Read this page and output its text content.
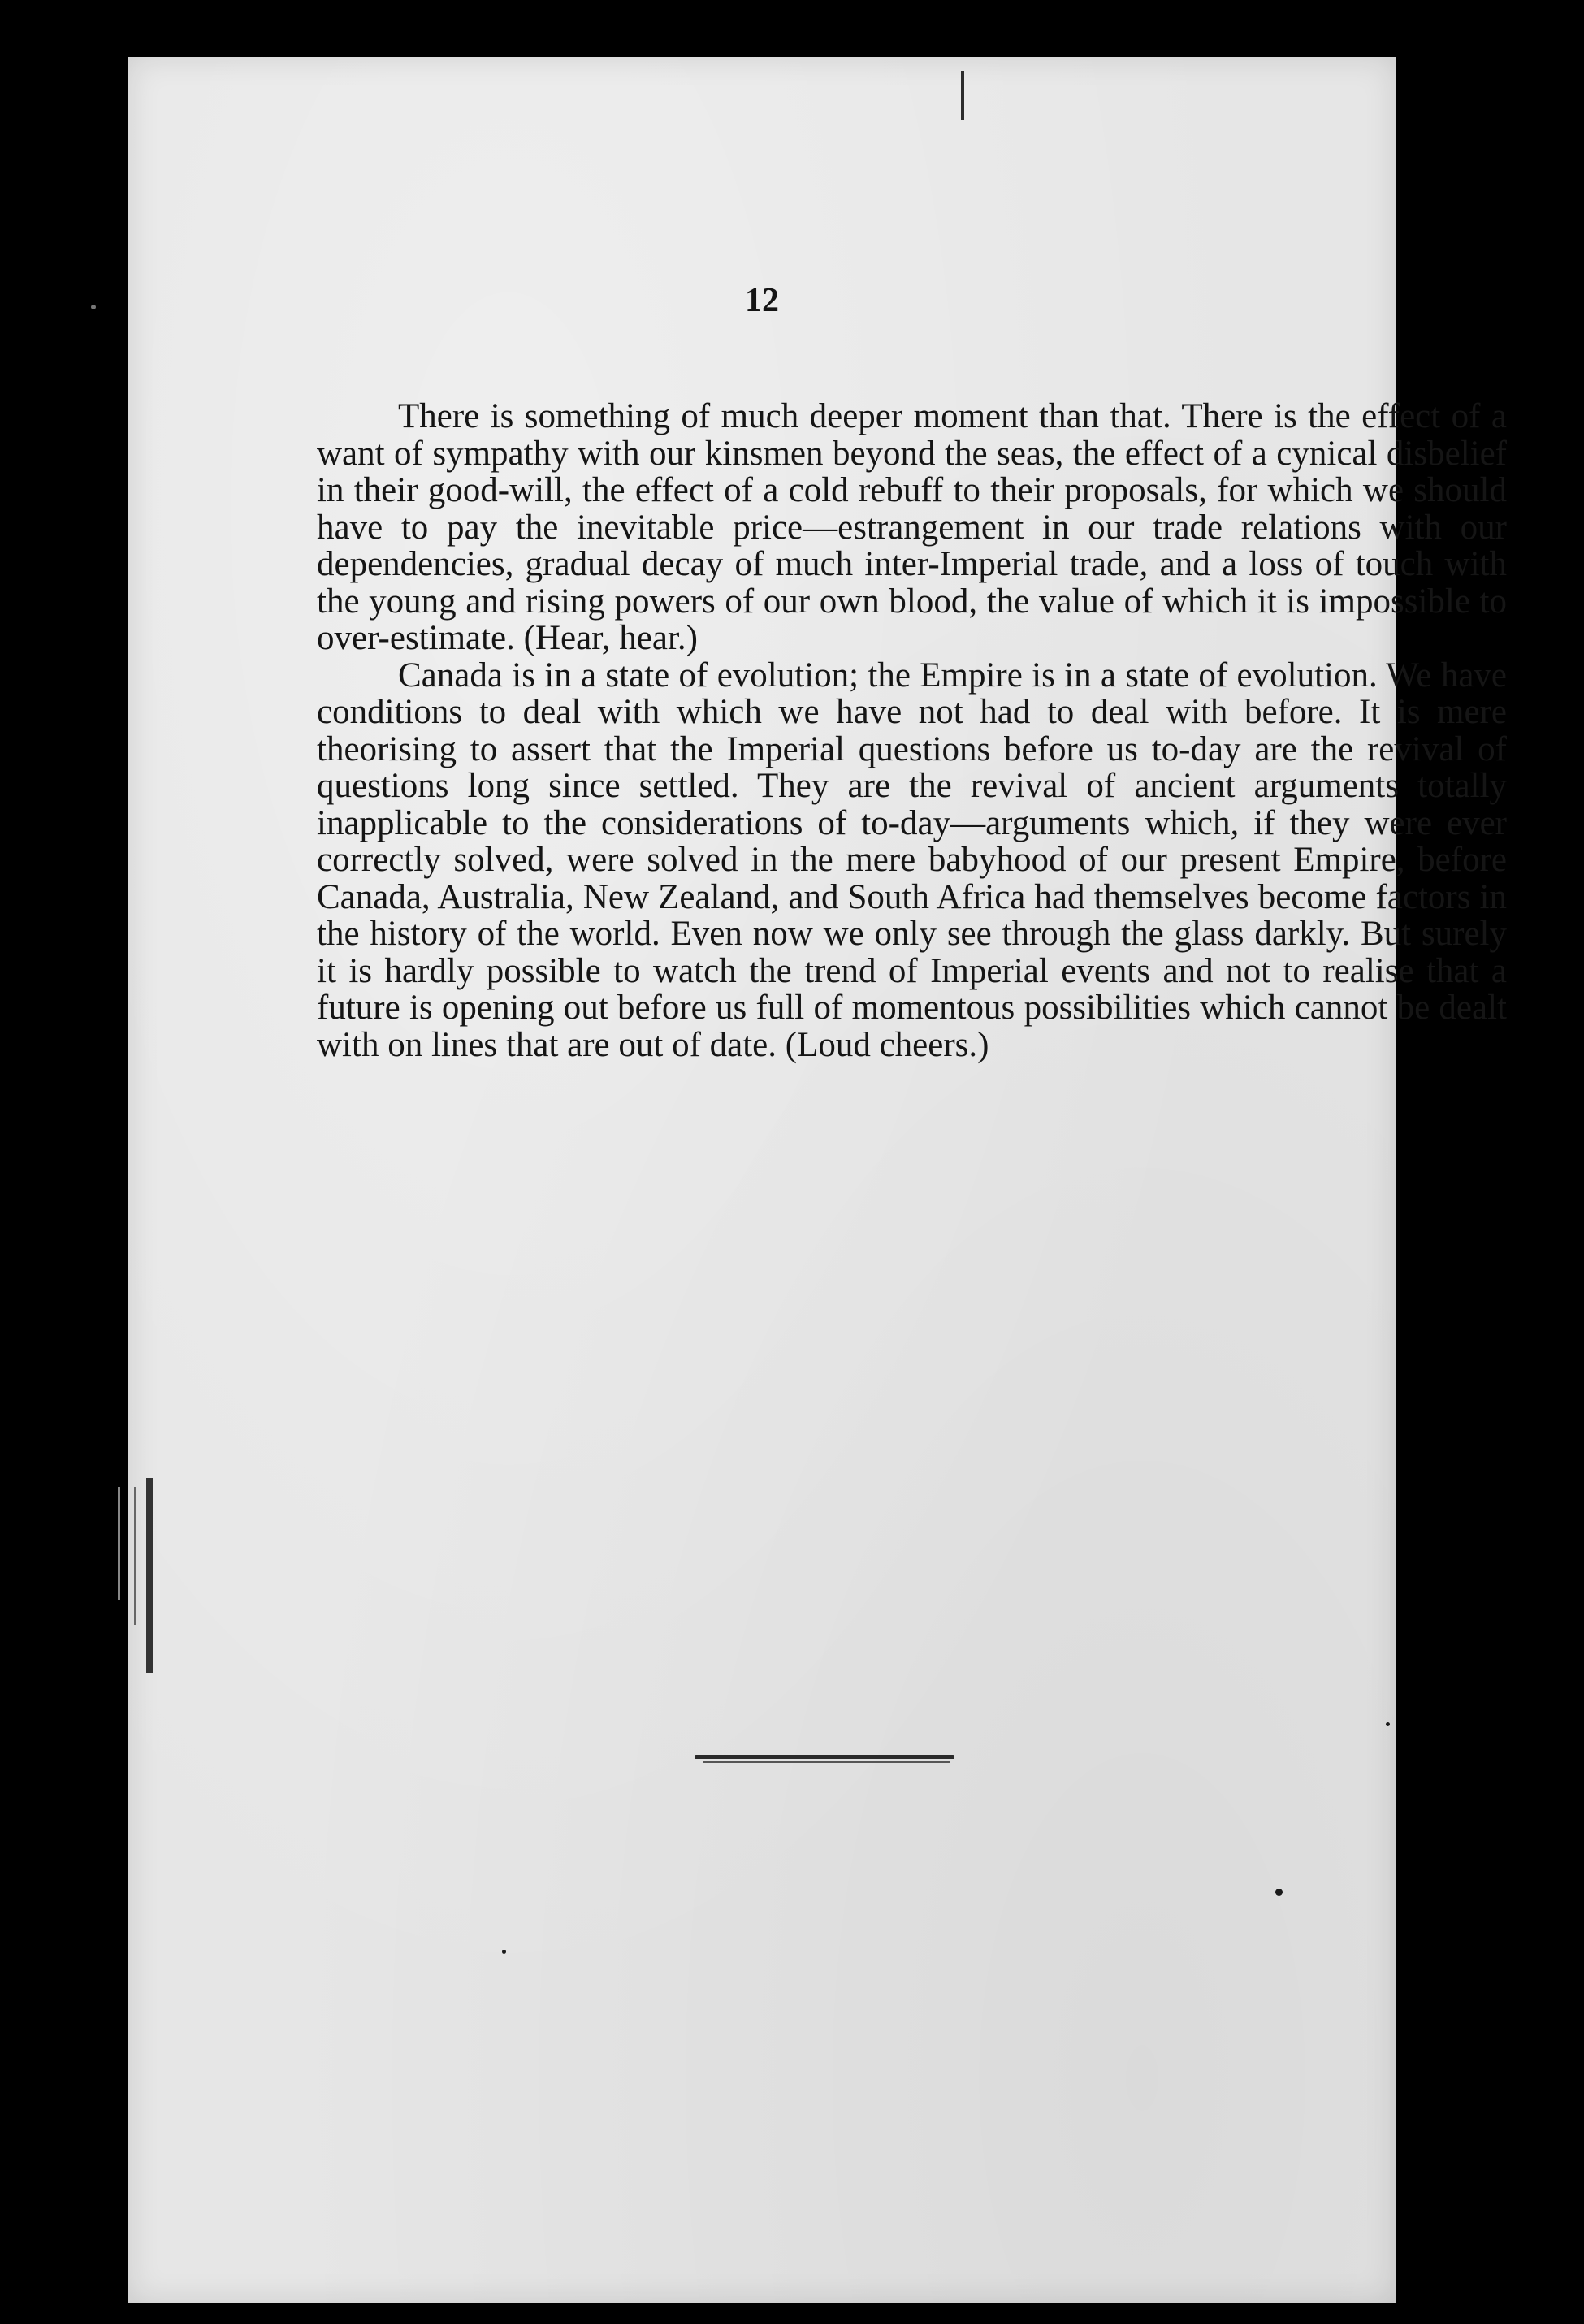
12

There is something of much deeper moment than that. There is the effect of a want of sympathy with our kinsmen beyond the seas, the effect of a cynical disbelief in their good-will, the effect of a cold rebuff to their proposals, for which we should have to pay the inevitable price—estrangement in our trade relations with our dependencies, gradual decay of much inter-Imperial trade, and a loss of touch with the young and rising powers of our own blood, the value of which it is impossible to over-estimate. (Hear, hear.)

Canada is in a state of evolution; the Empire is in a state of evolution. We have conditions to deal with which we have not had to deal with before. It is mere theorising to assert that the Imperial questions before us to-day are the revival of questions long since settled. They are the revival of ancient arguments totally inapplicable to the considerations of to-day—arguments which, if they were ever correctly solved, were solved in the mere babyhood of our present Empire, before Canada, Australia, New Zealand, and South Africa had themselves become factors in the history of the world. Even now we only see through the glass darkly. But surely it is hardly possible to watch the trend of Imperial events and not to realise that a future is opening out before us full of momentous possibilities which cannot be dealt with on lines that are out of date. (Loud cheers.)
